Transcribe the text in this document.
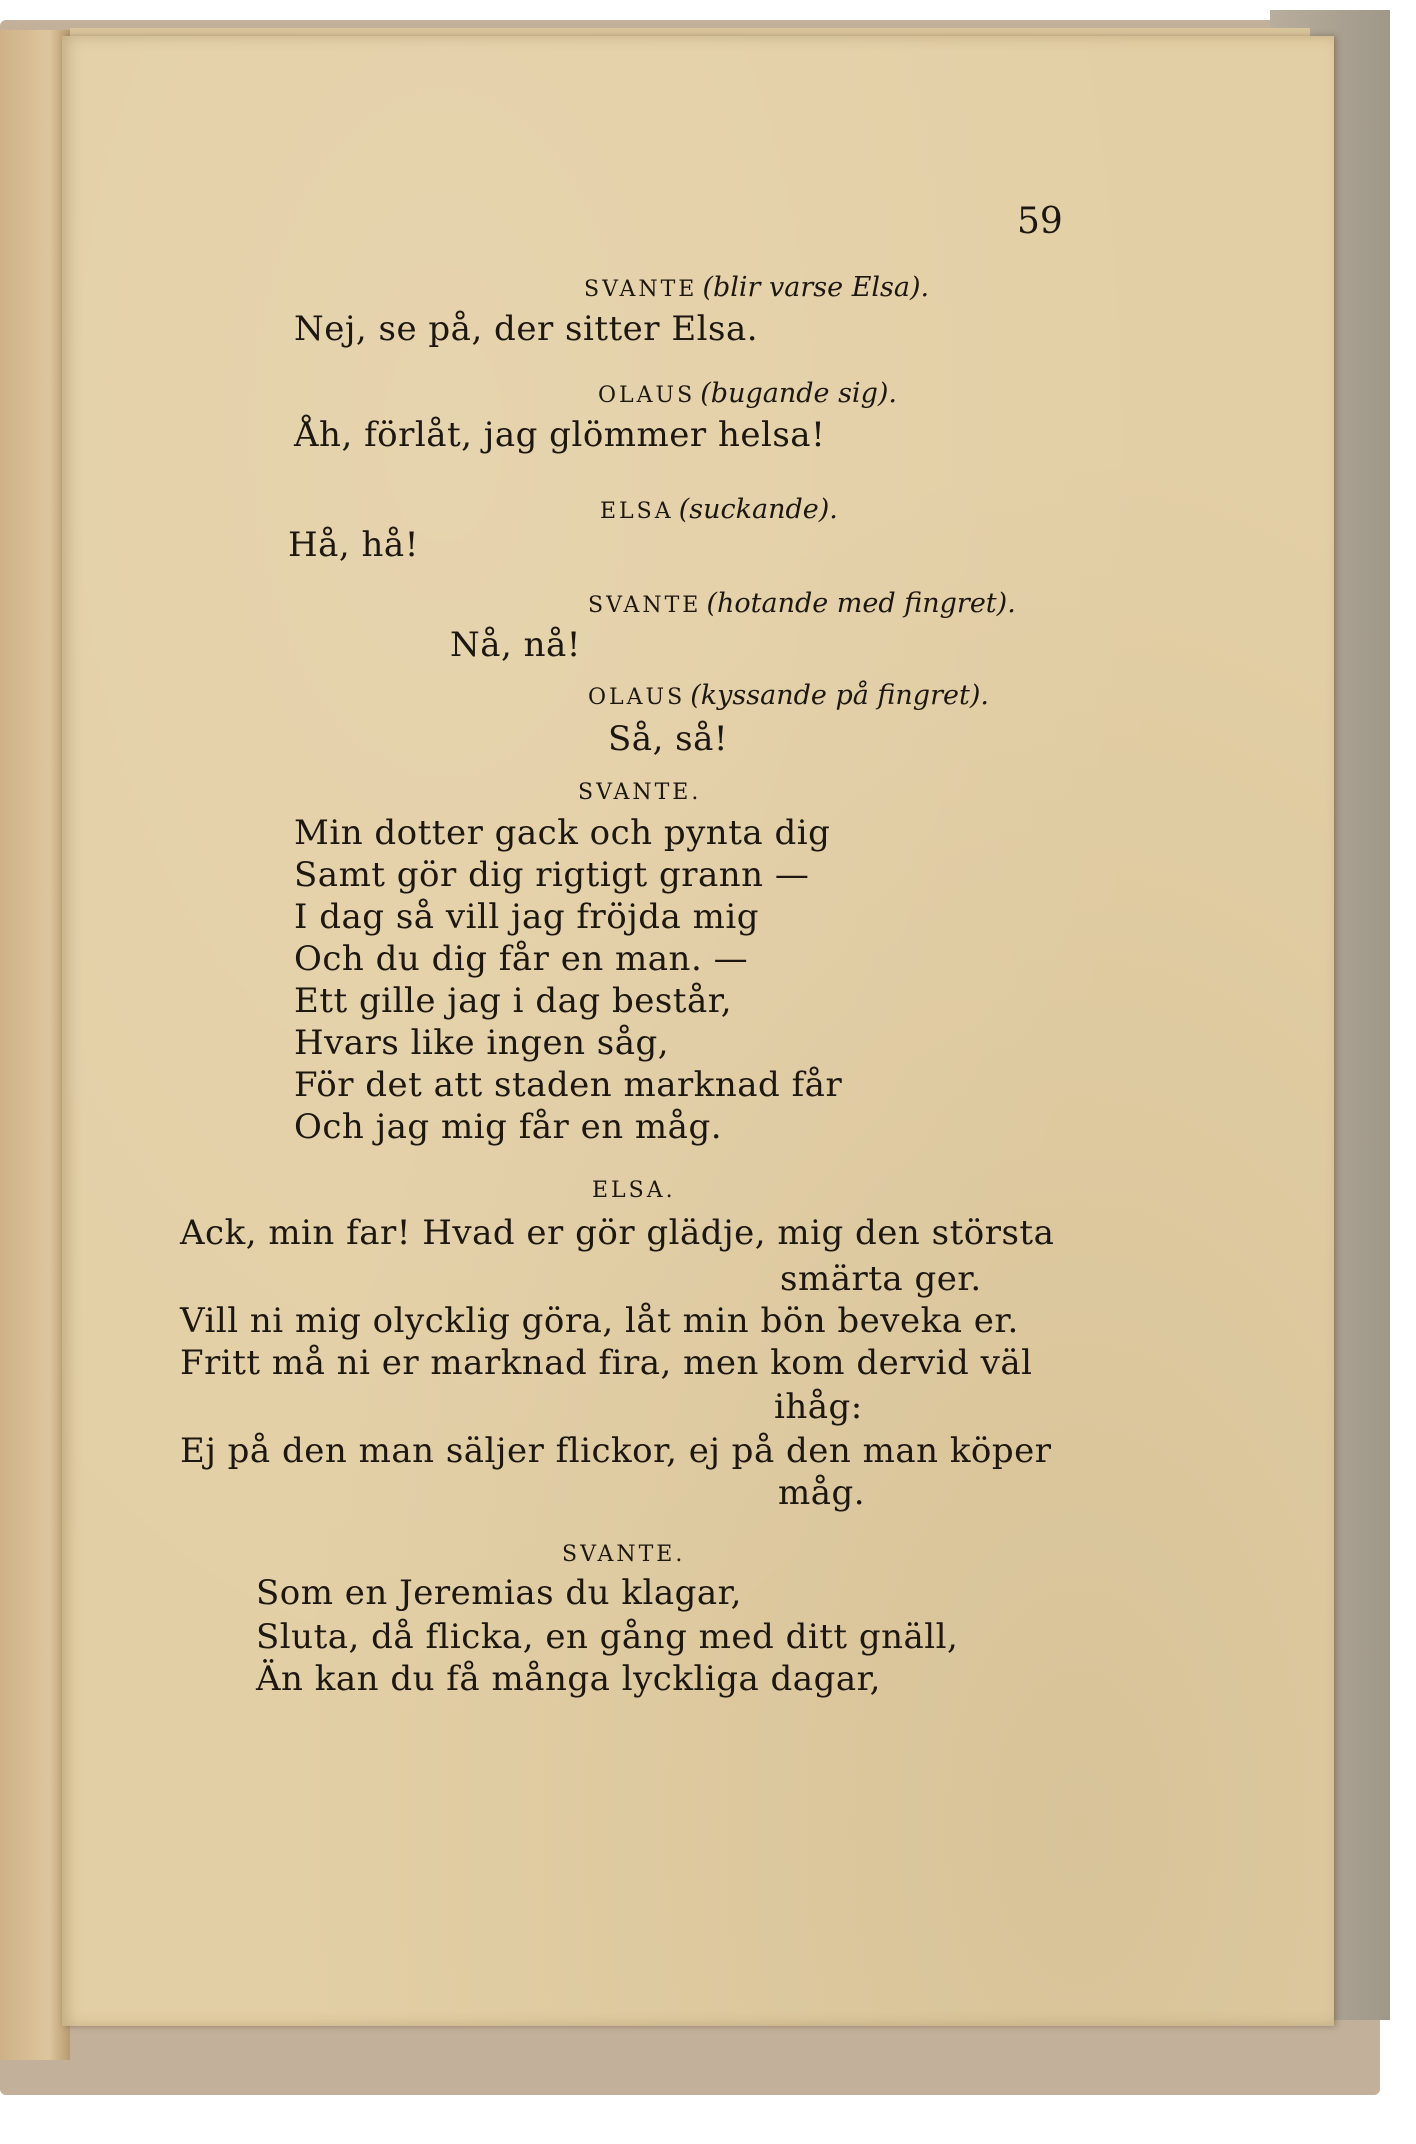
59
SVANTE (blir varse Elsa).
Nej, se på, der sitter Elsa.
OLAUS (bugande sig).
Åh, förlåt, jag glömmer helsa!
ELSA (suckande).
Hå, hå!
SVANTE (hotande med fingret).
Nå, nå!
OLAUS (kyssande på fingret).
Så, så!
SVANTE.
Min dotter gack och pynta dig
Samt gör dig rigtigt grann —
I dag så vill jag fröjda mig
Och du dig får en man. —
Ett gille jag i dag består,
Hvars like ingen såg,
För det att staden marknad får
Och jag mig får en måg.
ELSA.
Ack, min far! Hvad er gör glädje, mig den största
smärta ger.
Vill ni mig olycklig göra, låt min bön beveka er.
Fritt må ni er marknad fira, men kom dervid väl
ihåg:
Ej på den man säljer flickor, ej på den man köper
måg.
SVANTE.
Som en Jeremias du klagar,
Sluta, då flicka, en gång med ditt gnäll,
Än kan du få många lyckliga dagar,
